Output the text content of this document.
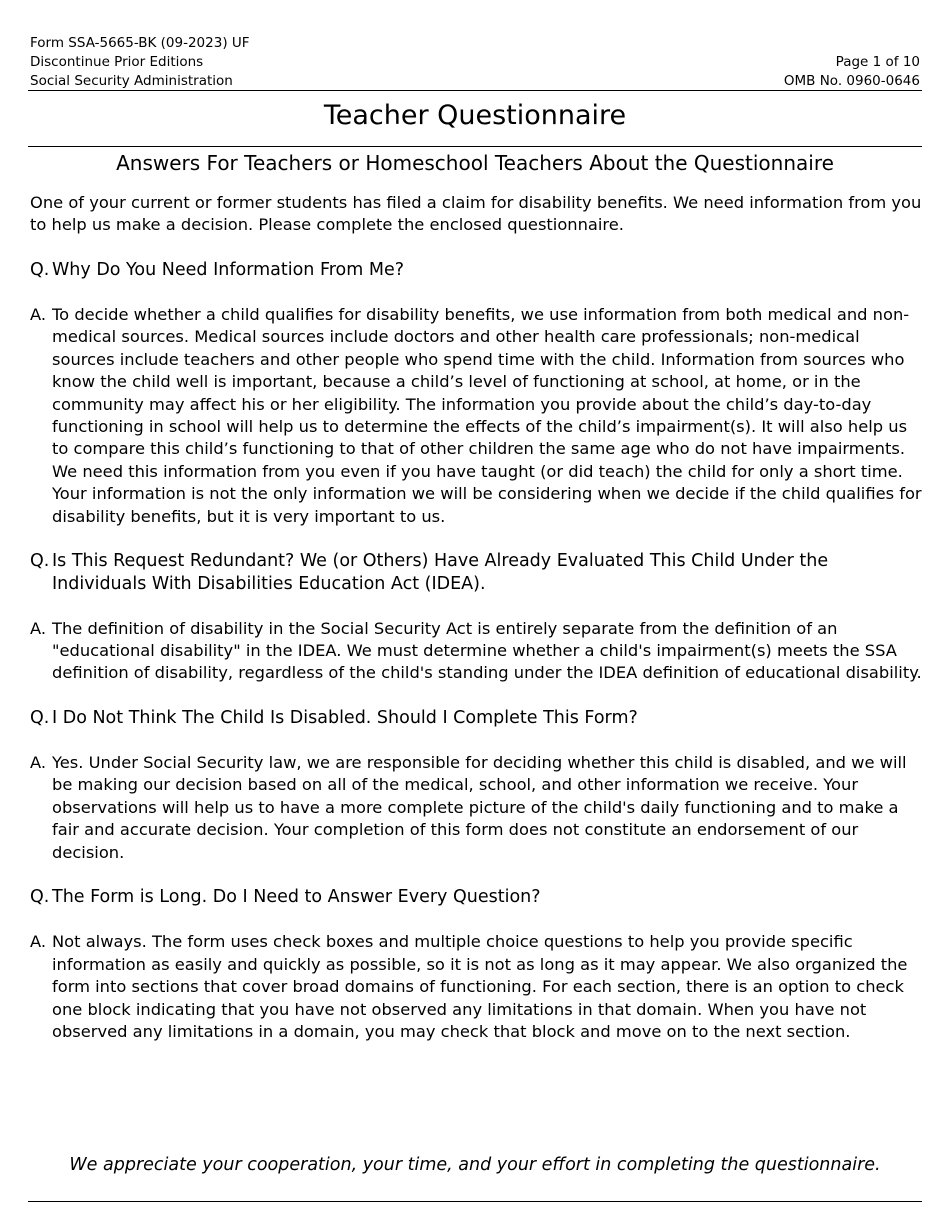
Form SSA-5665-BK (09-2023) UF
Discontinue Prior Editions
Social Security Administration
Page 1 of 10
OMB No. 0960-0646
Teacher Questionnaire
Answers For Teachers or Homeschool Teachers About the Questionnaire

One of your current or former students has filed a claim for disability benefits. We need information from you to help us make a decision. Please complete the enclosed questionnaire.

Q. Why Do You Need Information From Me?
A. To decide whether a child qualifies for disability benefits, we use information from both medical and non-medical sources. Medical sources include doctors and other health care professionals; non-medical sources include teachers and other people who spend time with the child. Information from sources who know the child well is important, because a child’s level of functioning at school, at home, or in the community may affect his or her eligibility. The information you provide about the child’s day-to-day functioning in school will help us to determine the effects of the child’s impairment(s). It will also help us to compare this child’s functioning to that of other children the same age who do not have impairments. We need this information from you even if you have taught (or did teach) the child for only a short time. Your information is not the only information we will be considering when we decide if the child qualifies for disability benefits, but it is very important to us.
Q. Is This Request Redundant? We (or Others) Have Already Evaluated This Child Under the Individuals With Disabilities Education Act (IDEA).
A. The definition of disability in the Social Security Act is entirely separate from the definition of an "educational disability" in the IDEA. We must determine whether a child's impairment(s) meets the SSA definition of disability, regardless of the child's standing under the IDEA definition of educational disability.
Q. I Do Not Think The Child Is Disabled. Should I Complete This Form?
A. Yes. Under Social Security law, we are responsible for deciding whether this child is disabled, and we will be making our decision based on all of the medical, school, and other information we receive. Your observations will help us to have a more complete picture of the child's daily functioning and to make a fair and accurate decision. Your completion of this form does not constitute an endorsement of our decision.
Q. The Form is Long. Do I Need to Answer Every Question?
A. Not always. The form uses check boxes and multiple choice questions to help you provide specific information as easily and quickly as possible, so it is not as long as it may appear. We also organized the form into sections that cover broad domains of functioning. For each section, there is an option to check one block indicating that you have not observed any limitations in that domain. When you have not observed any limitations in a domain, you may check that block and move on to the next section.
We appreciate your cooperation, your time, and your effort in completing the questionnaire.
